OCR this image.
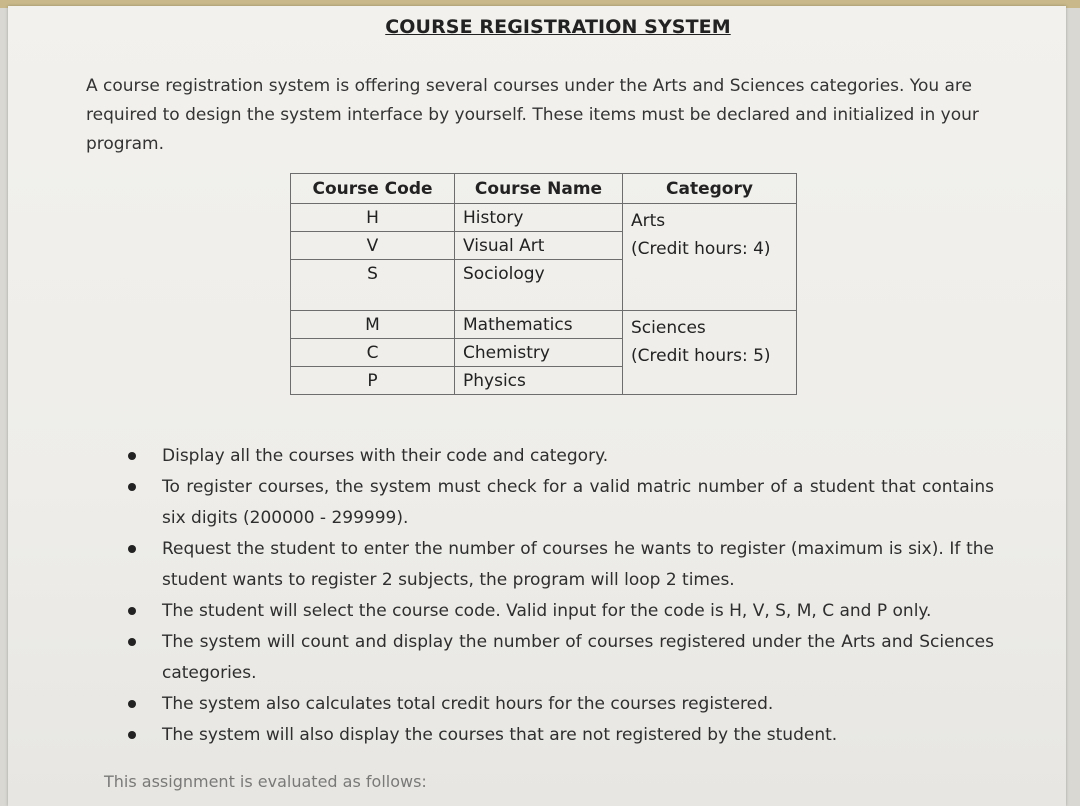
COURSE REGISTRATION SYSTEM
A course registration system is offering several courses under the Arts and Sciences categories. You are required to design the system interface by yourself. These items must be declared and initialized in your program.
Course Code	Course Name	Category
H	History	Arts
(Credit hours: 4)

V	Visual Art	
S	Sociology	

M	Mathematics	Sciences
(Credit hours: 5)

C	Chemistry	
P	Physics	
Display all the courses with their code and category.
To register courses, the system must check for a valid matric number of a student that contains six digits (200000 - 299999).
Request the student to enter the number of courses he wants to register (maximum is six). If the student wants to register 2 subjects, the program will loop 2 times.
The student will select the course code. Valid input for the code is H, V, S, M, C and P only.
The system will count and display the number of courses registered under the Arts and Sciences categories.
The system also calculates total credit hours for the courses registered.
The system will also display the courses that are not registered by the student.
This assignment is evaluated as follows:
